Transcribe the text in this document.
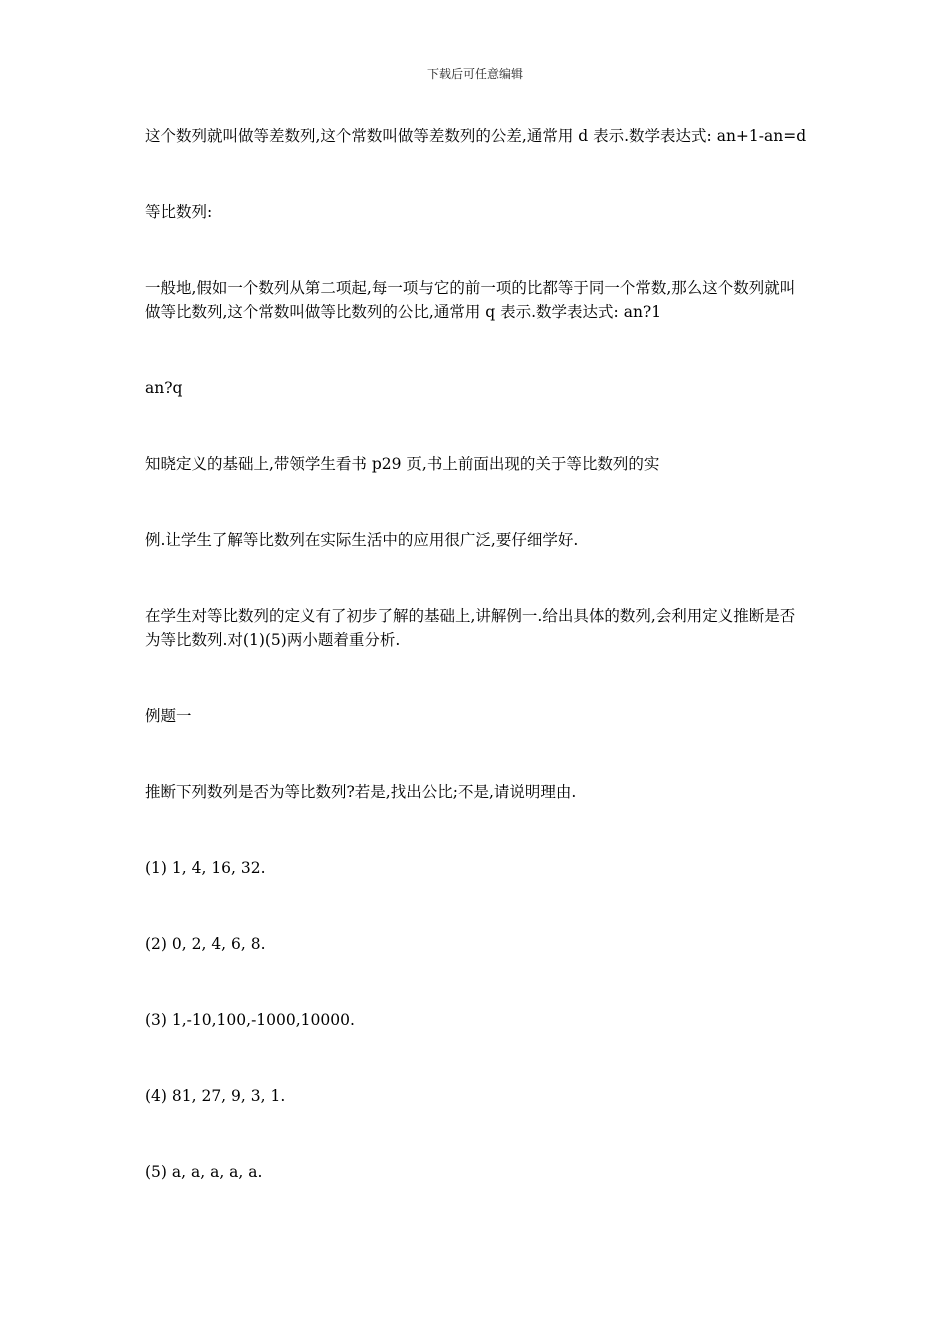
下载后可任意编辑

这个数列就叫做等差数列,这个常数叫做等差数列的公差,通常用 d 表示.数学表达式: an+1-an=d

等比数列:

一般地,假如一个数列从第二项起,每一项与它的前一项的比都等于同一个常数,那么这个数列就叫做等比数列,这个常数叫做等比数列的公比,通常用 q 表示.数学表达式: an?1

an?q

知晓定义的基础上,带领学生看书 p29 页,书上前面出现的关于等比数列的实

例.让学生了解等比数列在实际生活中的应用很广泛,要仔细学好.

在学生对等比数列的定义有了初步了解的基础上,讲解例一.给出具体的数列,会利用定义推断是否为等比数列.对(1)(5)两小题着重分析.

例题一

推断下列数列是否为等比数列?若是,找出公比;不是,请说明理由.

(1) 1, 4, 16, 32.

(2) 0, 2, 4, 6, 8.

(3) 1,-10,100,-1000,10000.

(4) 81, 27, 9, 3, 1.

(5) a, a, a, a, a.
